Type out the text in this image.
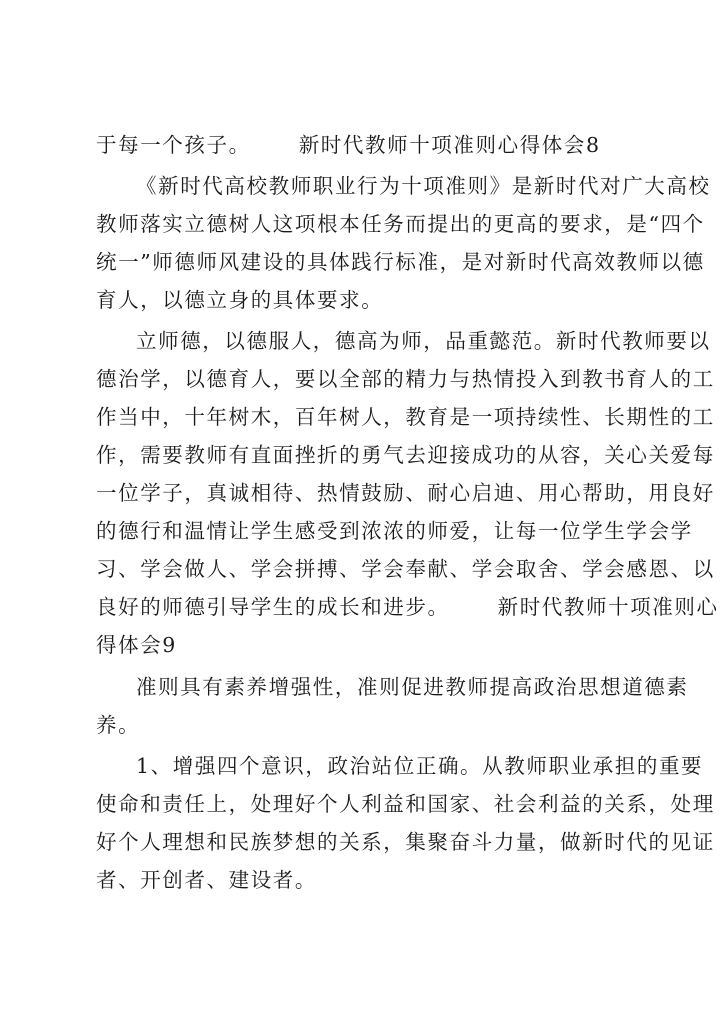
于每一个孩子。 新时代教师十项准则心得体会8
《新时代高校教师职业行为十项准则》是新时代对广大高校
教师落实立德树人这项根本任务而提出的更高的要求，是“四个
统一”师德师风建设的具体践行标准，是对新时代高效教师以德
育人，以德立身的具体要求。
立师德，以德服人，德高为师，品重懿范。新时代教师要以
德治学，以德育人，要以全部的精力与热情投入到教书育人的工
作当中，十年树木，百年树人，教育是一项持续性、长期性的工
作，需要教师有直面挫折的勇气去迎接成功的从容，关心关爱每
一位学子，真诚相待、热情鼓励、耐心启迪、用心帮助，用良好
的德行和温情让学生感受到浓浓的师爱，让每一位学生学会学
习、学会做人、学会拼搏、学会奉献、学会取舍、学会感恩、以
良好的师德引导学生的成长和进步。 新时代教师十项准则心
得体会9
准则具有素养增强性，准则促进教师提高政治思想道德素
养。
1、增强四个意识，政治站位正确。从教师职业承担的重要
使命和责任上，处理好个人利益和国家、社会利益的关系，处理
好个人理想和民族梦想的关系，集聚奋斗力量，做新时代的见证
者、开创者、建设者。
